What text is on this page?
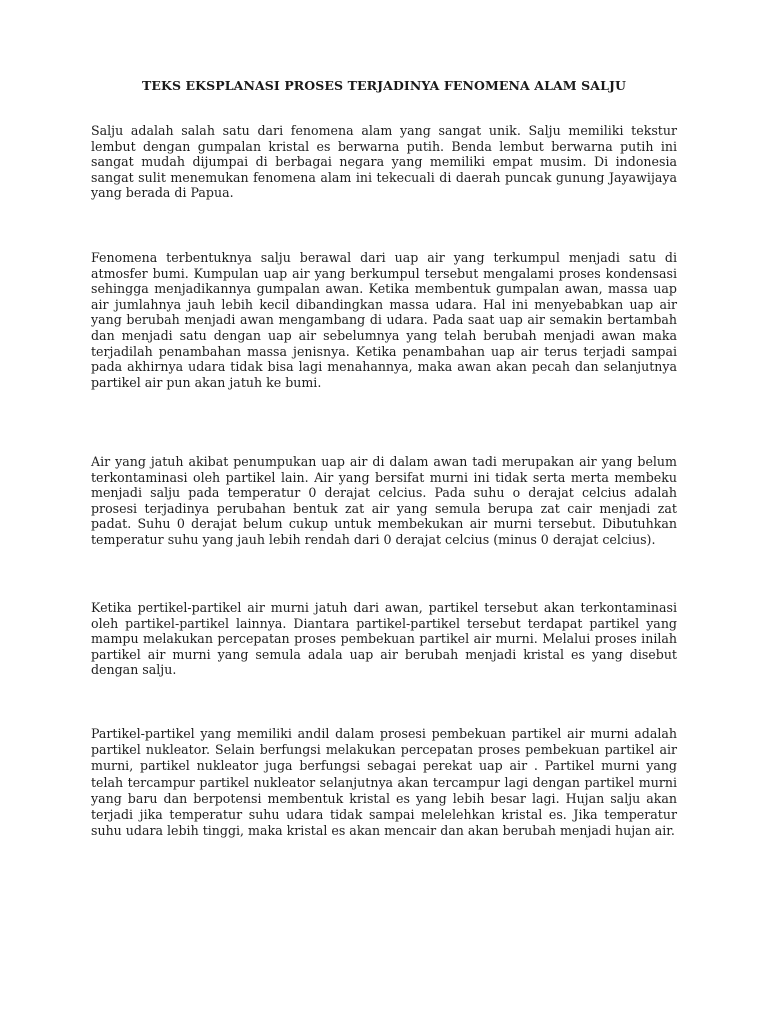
TEKS EKSPLANASI PROSES TERJADINYA FENOMENA ALAM SALJU

Salju adalah salah satu dari fenomena alam yang sangat unik. Salju memiliki tekstur lembut dengan gumpalan kristal es berwarna putih. Benda lembut berwarna putih ini sangat mudah dijumpai di berbagai negara yang memiliki empat musim. Di indonesia sangat sulit menemukan fenomena alam ini tekecuali di daerah puncak gunung Jayawijaya yang berada di Papua.

Fenomena terbentuknya salju berawal dari uap air yang terkumpul menjadi satu di atmosfer bumi. Kumpulan uap air yang berkumpul tersebut mengalami proses kondensasi sehingga menjadikannya gumpalan awan. Ketika membentuk gumpalan awan, massa uap air jumlahnya jauh lebih kecil dibandingkan massa udara. Hal ini menyebabkan uap air yang berubah menjadi awan mengambang di udara. Pada saat uap air semakin bertambah dan menjadi satu dengan uap air sebelumnya yang telah berubah menjadi awan maka terjadilah penambahan massa jenisnya. Ketika penambahan uap air terus terjadi sampai pada akhirnya udara tidak bisa lagi menahannya, maka awan akan pecah dan selanjutnya partikel air pun akan jatuh ke bumi.

Air yang jatuh akibat penumpukan uap air di dalam awan tadi merupakan air yang belum terkontaminasi oleh partikel lain. Air yang bersifat murni ini tidak serta merta membeku menjadi salju pada temperatur 0 derajat celcius. Pada suhu o derajat celcius adalah prosesi terjadinya perubahan bentuk zat air yang semula berupa zat cair menjadi zat padat. Suhu 0 derajat belum cukup untuk membekukan air murni tersebut. Dibutuhkan temperatur suhu yang jauh lebih rendah dari 0 derajat celcius (minus 0 derajat celcius).

Ketika pertikel-partikel air murni jatuh dari awan, partikel tersebut akan terkontaminasi oleh partikel-partikel lainnya. Diantara partikel-partikel tersebut terdapat partikel yang mampu melakukan percepatan proses pembekuan partikel air murni. Melalui proses inilah partikel air murni yang semula adala uap air berubah menjadi kristal es yang disebut dengan salju.

Partikel-partikel yang memiliki andil dalam prosesi pembekuan partikel air murni adalah partikel nukleator. Selain berfungsi melakukan percepatan proses pembekuan partikel air murni, partikel nukleator juga berfungsi sebagai perekat uap air . Partikel murni yang telah tercampur partikel nukleator selanjutnya akan tercampur lagi dengan partikel murni yang baru dan berpotensi membentuk kristal es yang lebih besar lagi. Hujan salju akan terjadi jika temperatur suhu udara tidak sampai melelehkan kristal es. Jika temperatur suhu udara lebih tinggi, maka kristal es akan mencair dan akan berubah menjadi hujan air.
